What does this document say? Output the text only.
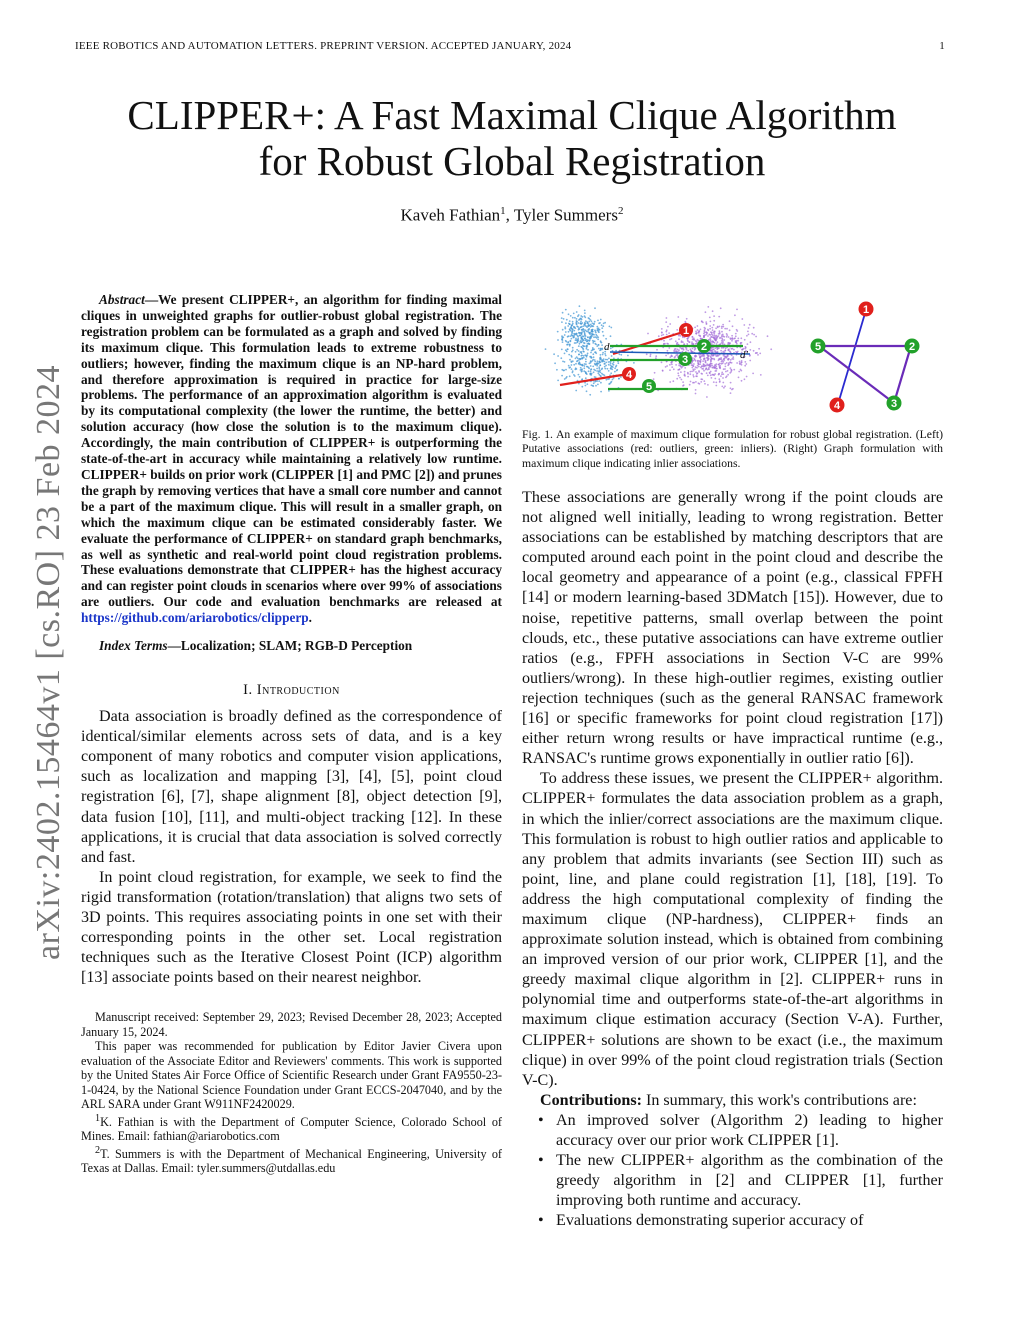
IEEE ROBOTICS AND AUTOMATION LETTERS. PREPRINT VERSION. ACCEPTED JANUARY, 2024	1
CLIPPER+: A Fast Maximal Clique Algorithm
for Robust Global Registration
Kaveh Fathian$^1$, Tyler Summers$^2$
arXiv:2402.15464v1 [cs.RO] 23 Feb 2024

Abstract—We present CLIPPER+, an algorithm for finding maximal cliques in unweighted graphs for outlier-robust global registration. The registration problem can be formulated as a graph and solved by finding its maximum clique. This formulation leads to extreme robustness to outliers; however, finding the maximum clique is an NP-hard problem, and therefore approximation is required in practice for large-size problems. The performance of an approximation algorithm is evaluated by its computational complexity (the lower the runtime, the better) and solution accuracy (how close the solution is to the maximum clique). Accordingly, the main contribution of CLIPPER+ is outperforming the state-of-the-art in accuracy while maintaining a relatively low runtime. CLIPPER+ builds on prior work (CLIPPER [1] and PMC [2]) and prunes the graph by removing vertices that have a small core number and cannot be a part of the maximum clique. This will result in a smaller graph, on which the maximum clique can be estimated considerably faster. We evaluate the performance of CLIPPER+ on standard graph benchmarks, as well as synthetic and real-world point cloud registration problems. These evaluations demonstrate that CLIPPER+ has the highest accuracy and can register point clouds in scenarios where over 99% of associations are outliers. Our code and evaluation benchmarks are released at https://github.com/ariarobotics/clipperp.

Index Terms—Localization; SLAM; RGB-D Perception

I. Introduction

Data association is broadly defined as the correspondence of identical/similar elements across sets of data, and is a key component of many robotics and computer vision applications, such as localization and mapping [3], [4], [5], point cloud registration [6], [7], shape alignment [8], object detection [9], data fusion [10], [11], and multi-object tracking [12]. In these applications, it is crucial that data association is solved correctly and fast.

In point cloud registration, for example, we seek to find the rigid transformation (rotation/translation) that aligns two sets of 3D points. This requires associating points in one set with their corresponding points in the other set. Local registration techniques such as the Iterative Closest Point (ICP) algorithm [13] associate points based on their nearest neighbor.

Manuscript received: September 29, 2023; Revised December 28, 2023; Accepted January 15, 2024.

This paper was recommended for publication by Editor Javier Civera upon evaluation of the Associate Editor and Reviewers' comments. This work is supported by the United States Air Force Office of Scientific Research under Grant FA9550-23-1-0424, by the National Science Foundation under Grant ECCS-2047040, and by the ARL SARA under Grant W911NF2420029.

$^1$K. Fathian is with the Department of Computer Science, Colorado School of Mines. Email: fathian@ariarobotics.com

$^2$T. Summers is with the Department of Mechanical Engineering, University of Texas at Dallas. Email: tyler.summers@utdallas.edu

d
d'
1
2
3
4
5
1
2
3
4
5
Fig. 1. An example of maximum clique formulation for robust global registration. (Left) Putative associations (red: outliers, green: inliers). (Right) Graph formulation with maximum clique indicating inlier associations.

These associations are generally wrong if the point clouds are not aligned well initially, leading to wrong registration. Better associations can be established by matching descriptors that are computed around each point in the point cloud and describe the local geometry and appearance of a point (e.g., classical FPFH [14] or modern learning-based 3DMatch [15]). However, due to noise, repetitive patterns, small overlap between the point clouds, etc., these putative associations can have extreme outlier ratios (e.g., FPFH associations in Section V-C are 99% outliers/wrong). In these high-outlier regimes, existing outlier rejection techniques (such as the general RANSAC framework [16] or specific frameworks for point cloud registration [17]) either return wrong results or have impractical runtime (e.g., RANSAC's runtime grows exponentially in outlier ratio [6]).

To address these issues, we present the CLIPPER+ algorithm. CLIPPER+ formulates the data association problem as a graph, in which the inlier/correct associations are the maximum clique. This formulation is robust to high outlier ratios and applicable to any problem that admits invariants (see Section III) such as point, line, and plane could registration [1], [18], [19]. To address the high computational complexity of finding the maximum clique (NP-hardness), CLIPPER+ finds an approximate solution instead, which is obtained from combining an improved version of our prior work, CLIPPER [1], and the greedy maximal clique algorithm in [2]. CLIPPER+ runs in polynomial time and outperforms state-of-the-art algorithms in maximum clique estimation accuracy (Section V-A). Further, CLIPPER+ solutions are shown to be exact (i.e., the maximum clique) in over 99% of the point cloud registration trials (Section V-C).

Contributions: In summary, this work's contributions are:

• An improved solver (Algorithm 2) leading to higher accuracy over our prior work CLIPPER [1].
• The new CLIPPER+ algorithm as the combination of the greedy algorithm in [2] and CLIPPER [1], further improving both runtime and accuracy.
• Evaluations demonstrating superior accuracy of
